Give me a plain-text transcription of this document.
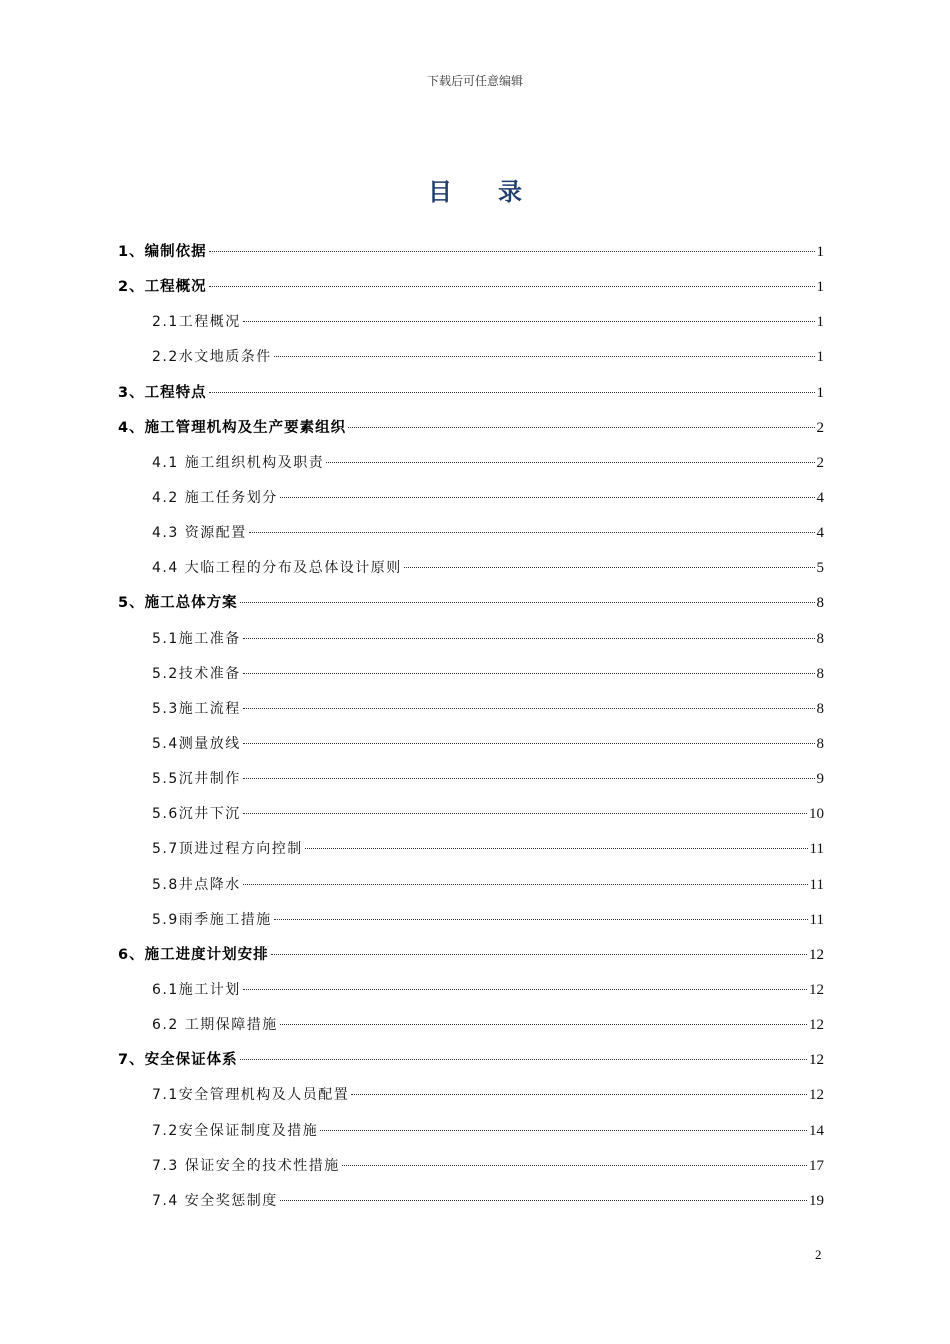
下载后可任意编辑
目录
1、编制依据	1
2、工程概况	1
2.1工程概况	1
2.2水文地质条件	1
3、工程特点	1
4、施工管理机构及生产要素组织	2
4.1 施工组织机构及职责	2
4.2 施工任务划分	4
4.3 资源配置	4
4.4 大临工程的分布及总体设计原则	5
5、施工总体方案	8
5.1施工准备	8
5.2技术准备	8
5.3施工流程	8
5.4测量放线	8
5.5沉井制作	9
5.6沉井下沉	10
5.7顶进过程方向控制	11
5.8井点降水	11
5.9雨季施工措施	11
6、施工进度计划安排	12
6.1施工计划	12
6.2 工期保障措施	12
7、安全保证体系	12
7.1安全管理机构及人员配置	12
7.2安全保证制度及措施	14
7.3 保证安全的技术性措施	17
7.4 安全奖惩制度	19
2
